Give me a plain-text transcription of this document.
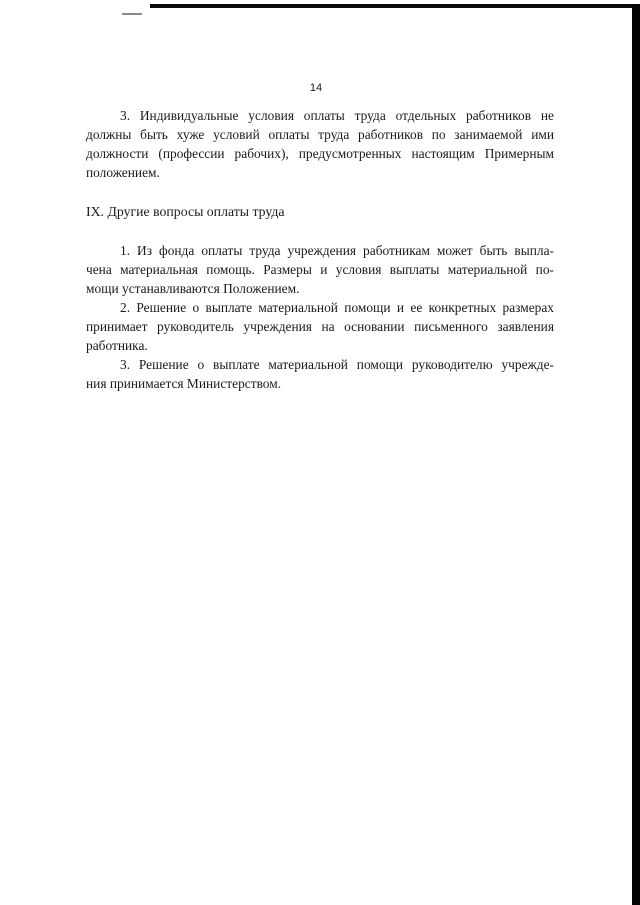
14

3. Индивидуальные условия оплаты труда отдельных работников не
должны быть хуже условий оплаты труда работников по занимаемой ими
должности (профессии рабочих), предусмотренных настоящим Примерным
положением.

IX. Другие вопросы оплаты труда

1. Из фонда оплаты труда учреждения работникам может быть выпла-
чена материальная помощь. Размеры и условия выплаты материальной по-
мощи устанавливаются Положением.

2. Решение о выплате материальной помощи и ее конкретных размерах
принимает руководитель учреждения на основании письменного заявления
работника.

3. Решение о выплате материальной помощи руководителю учрежде-
ния принимается Министерством.
